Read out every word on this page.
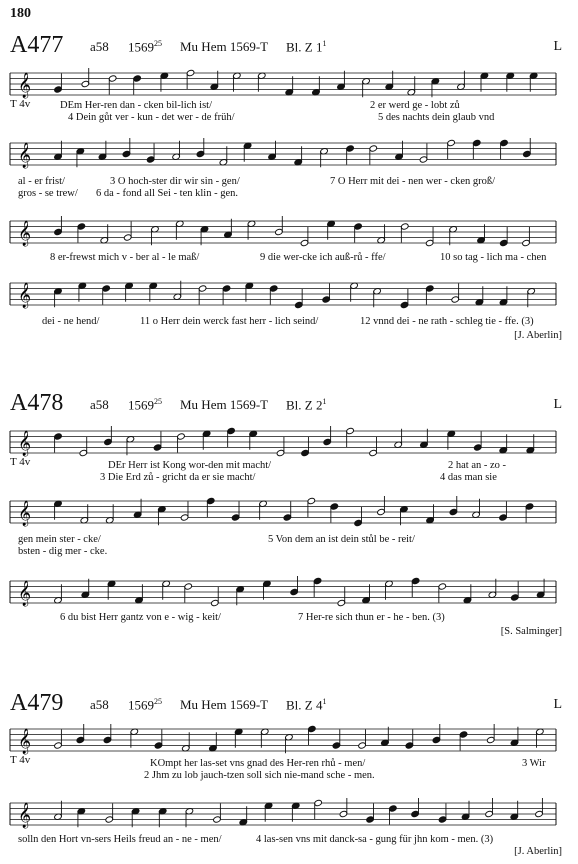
180
A477 a58 1569$^{25}$ Mu Hem 1569-T Bl. Z $1^1$	L
𝄞
T 4v	DEm Her-ren dan - cken bil-lich ist/	2 er werd ge - lobt zů
4 Dein gůt ver - kun - det wer - de früh/	5 des nachts dein glaub vnd
𝄞
al - er frist/	3 O hoch-ster dir wir sin - gen/	7 O Herr mit dei - nen wer - cken groß/
gros - se trew/ 6 da - fond all Sei - ten klin - gen.
𝄞
8 er-frewst mich v - ber al - le maß/	9 die wer-cke ich auß-rů - ffe/	10 so tag - lich ma - chen
𝄞
dei - ne hend/	11 o Herr dein werck fast herr - lich seind/	12 vnnd dei - ne rath - schleg tie - ffe. (3)
[J. Aberlin]
A478 a58 1569$^{25}$ Mu Hem 1569-T Bl. Z $2^1$	L
𝄞
T 4v	DEr Herr ist Kong wor-den mit macht/	2 hat an - zo -
3 Die Erd zů - gricht da er sie macht/	4 das man sie
𝄞
gen mein ster - cke/	5 Von dem an ist dein stůl be - reit/
bsten - dig mer - cke.
𝄞
6 du bist Herr gantz von e - wig - keit/	7 Her-re sich thun er - he - ben. (3)
[S. Salminger]
A479 a58 1569$^{25}$ Mu Hem 1569-T Bl. Z $4^1$	L
𝄞
T 4v	KOmpt her las-set vns gnad des Her-ren rhů - men/	3 Wir
2 Jhm zu lob jauch-tzen soll sich nie-mand sche - men.
𝄞
solln den Hort vn-sers Heils freud an - ne - men/	4 las-sen vns mit danck-sa - gung für jhn kom - men. (3)
[J. Aberlin]
